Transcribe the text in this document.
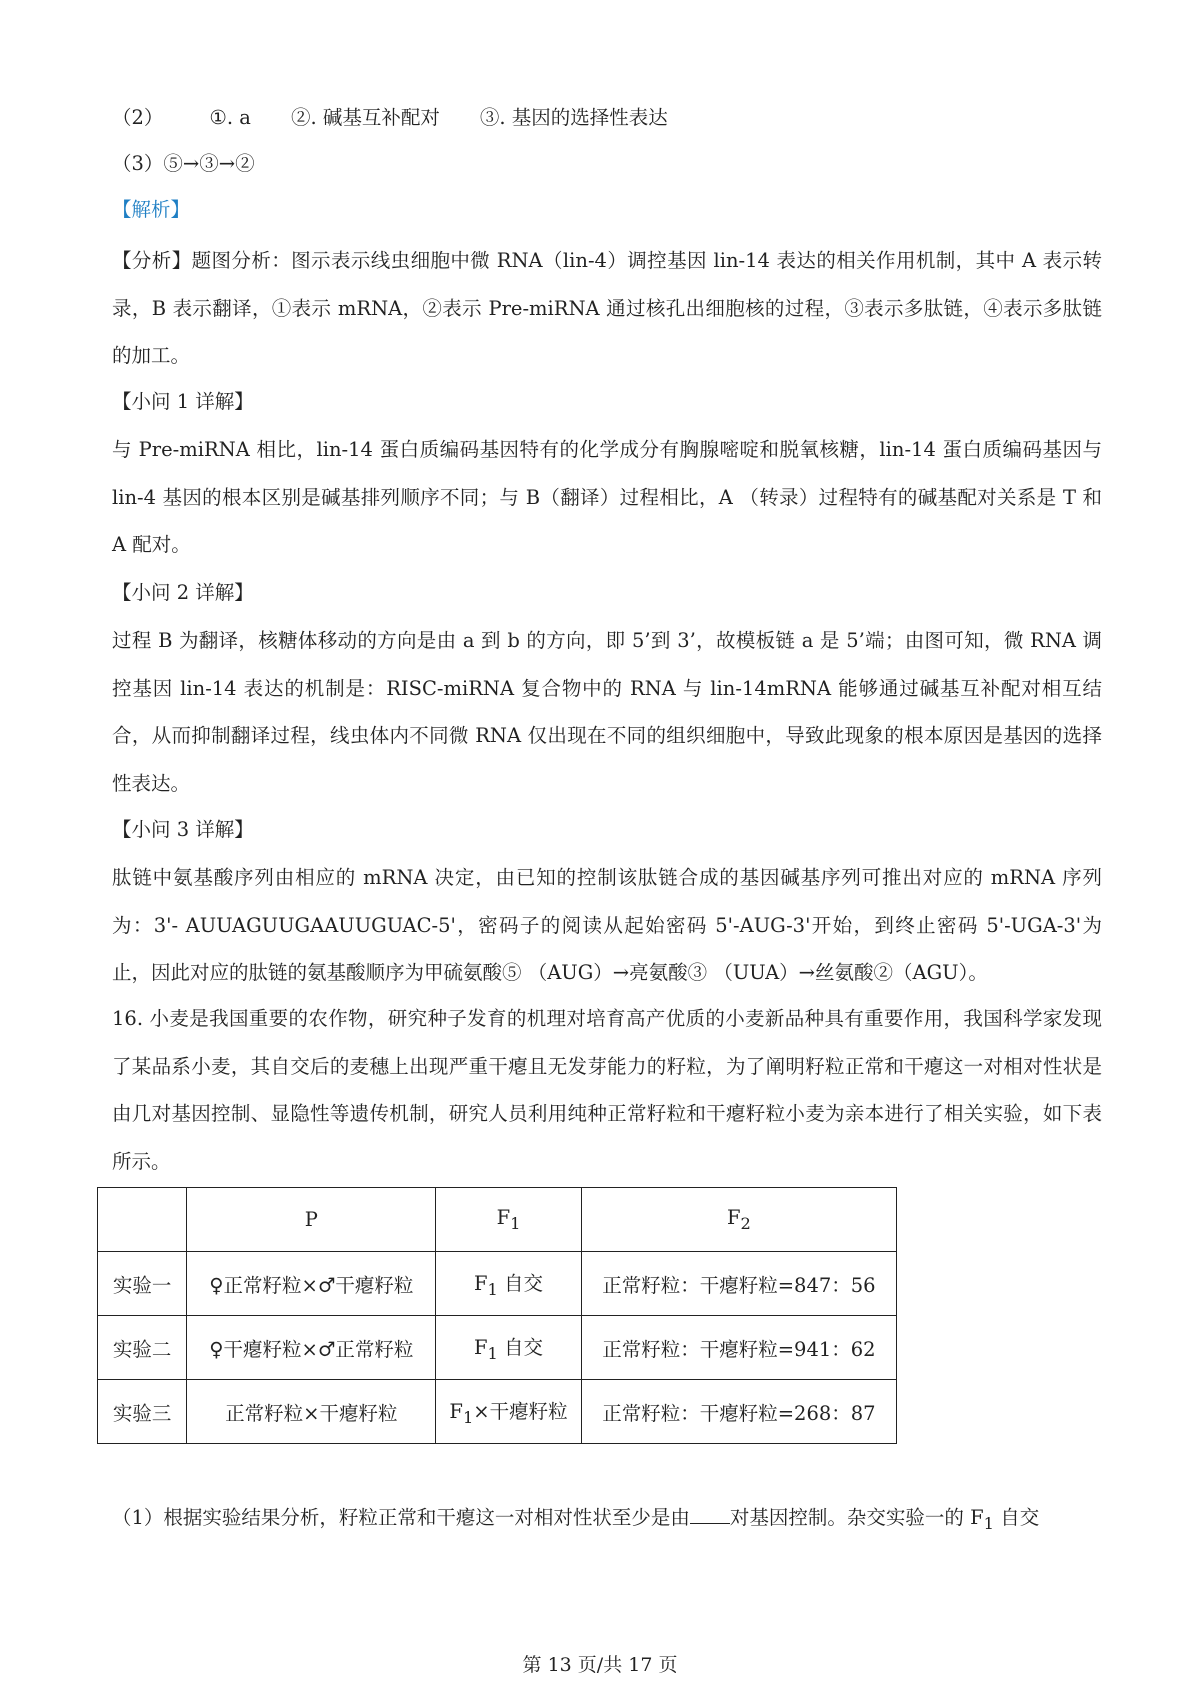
（2） ①. a ②. 碱基互补配对 ③. 基因的选择性表达
（3）⑤→③→②
【解析】

【分析】题图分析：图示表示线虫细胞中微 RNA（lin-4）调控基因 lin-14 表达的相关作用机制，其中 A 表示转录，B 表示翻译，①表示 mRNA，②表示 Pre-miRNA 通过核孔出细胞核的过程，③表示多肽链，④表示多肽链的加工。

【小问 1 详解】

与 Pre-miRNA 相比，lin-14 蛋白质编码基因特有的化学成分有胸腺嘧啶和脱氧核糖，lin-14 蛋白质编码基因与 lin-4 基因的根本区别是碱基排列顺序不同；与 B（翻译）过程相比，A （转录）过程特有的碱基配对关系是 T 和 A 配对。

【小问 2 详解】

过程 B 为翻译，核糖体移动的方向是由 a 到 b 的方向，即 5’到 3’，故模板链 a 是 5’端；由图可知，微 RNA 调控基因 lin-14 表达的机制是：RISC-miRNA 复合物中的 RNA 与 lin-14mRNA 能够通过碱基互补配对相互结合，从而抑制翻译过程，线虫体内不同微 RNA 仅出现在不同的组织细胞中，导致此现象的根本原因是基因的选择性表达。

【小问 3 详解】

肽链中氨基酸序列由相应的 mRNA 决定，由已知的控制该肽链合成的基因碱基序列可推出对应的 mRNA 序列为：3'- AUUAGUUGAAUUGUAC-5'，密码子的阅读从起始密码 5'-AUG-3'开始，到终止密码 5'-UGA-3'为止，因此对应的肽链的氨基酸顺序为甲硫氨酸⑤ （AUG）→亮氨酸③ （UUA）→丝氨酸②（AGU）。

16. 小麦是我国重要的农作物，研究种子发育的机理对培育高产优质的小麦新品种具有重要作用，我国科学家发现了某品系小麦，其自交后的麦穗上出现严重干瘪且无发芽能力的籽粒，为了阐明籽粒正常和干瘪这一对相对性状是由几对基因控制、显隐性等遗传机制，研究人员利用纯种正常籽粒和干瘪籽粒小麦为亲本进行了相关实验，如下表所示。

	P	$F_1$	$F_2$
实验一	♀正常籽粒×♂干瘪籽粒	$F_1$ 自交	正常籽粒：干瘪籽粒=847：56
实验二	♀干瘪籽粒×♂正常籽粒	$F_1$ 自交	正常籽粒：干瘪籽粒=941：62
实验三	正常籽粒×干瘪籽粒	$F_1\times$干瘪籽粒	正常籽粒：干瘪籽粒=268：87
（1）根据实验结果分析，籽粒正常和干瘪这一对相对性状至少是由 对基因控制。杂交实验一的 $F_1$ 自交
第 13 页/共 17 页
